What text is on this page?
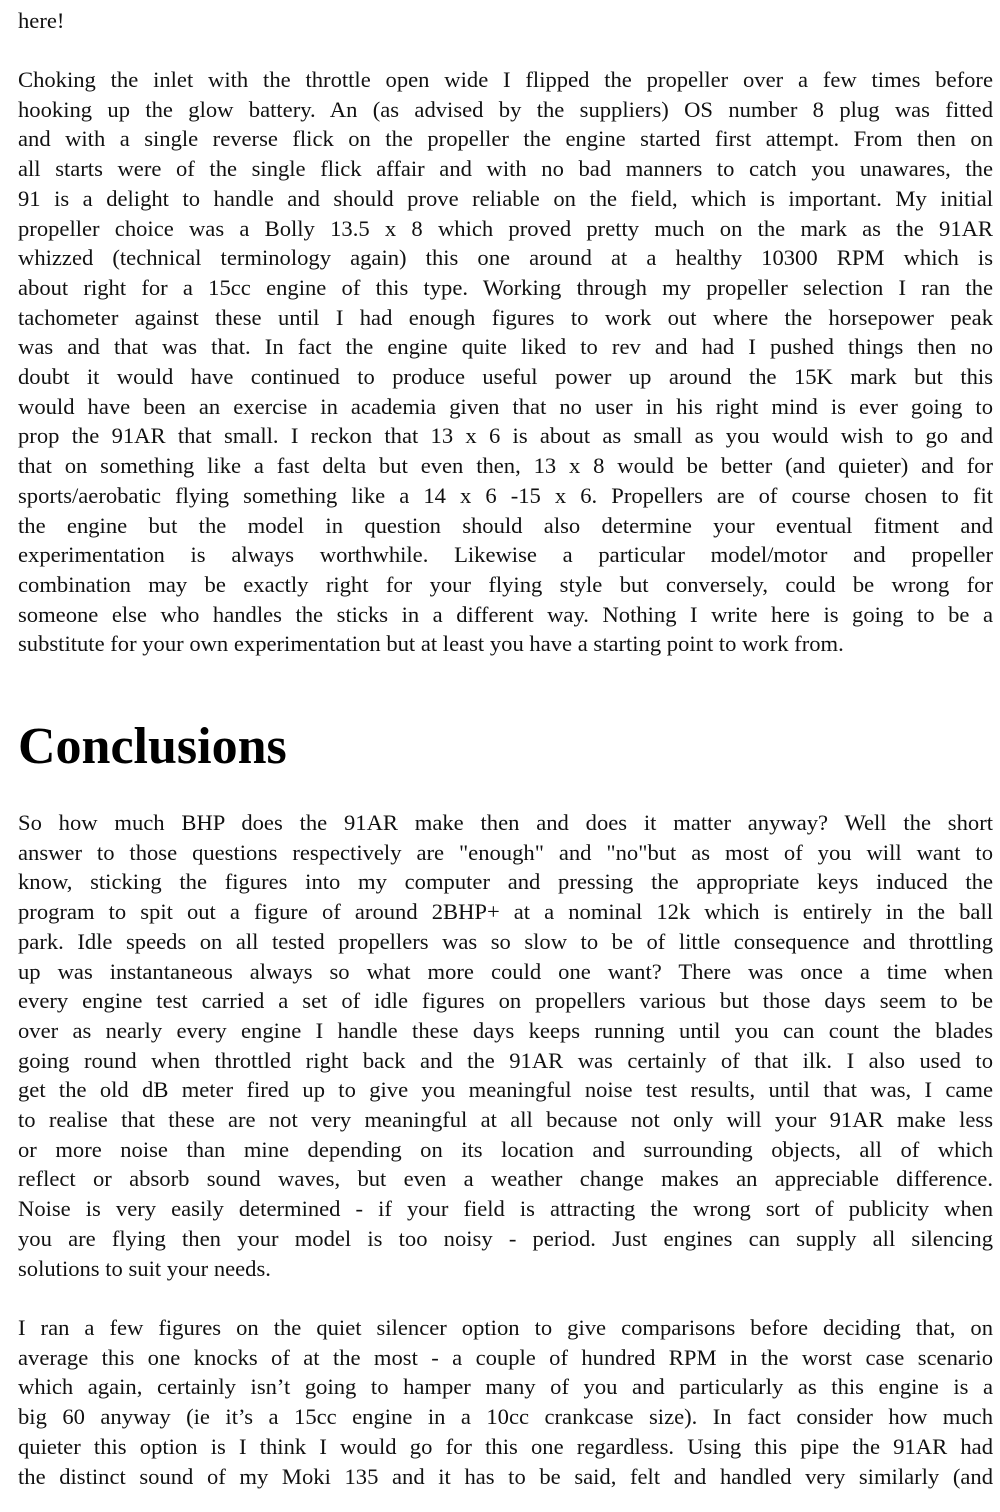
here!

Choking the inlet with the throttle open wide I flipped the propeller over a few times before
hooking up the glow battery. An (as advised by the suppliers) OS number 8 plug was fitted
and with a single reverse flick on the propeller the engine started first attempt. From then on
all starts were of the single flick affair and with no bad manners to catch you unawares, the
91 is a delight to handle and should prove reliable on the field, which is important. My initial
propeller choice was a Bolly 13.5 x 8 which proved pretty much on the mark as the 91AR
whizzed (technical terminology again) this one around at a healthy 10300 RPM which is
about right for a 15cc engine of this type. Working through my propeller selection I ran the
tachometer against these until I had enough figures to work out where the horsepower peak
was and that was that. In fact the engine quite liked to rev and had I pushed things then no
doubt it would have continued to produce useful power up around the 15K mark but this
would have been an exercise in academia given that no user in his right mind is ever going to
prop the 91AR that small. I reckon that 13 x 6 is about as small as you would wish to go and
that on something like a fast delta but even then, 13 x 8 would be better (and quieter) and for
sports/aerobatic flying something like a 14 x 6 -15 x 6. Propellers are of course chosen to fit
the engine but the model in question should also determine your eventual fitment and
experimentation is always worthwhile. Likewise a particular model/motor and propeller
combination may be exactly right for your flying style but conversely, could be wrong for
someone else who handles the sticks in a different way. Nothing I write here is going to be a
substitute for your own experimentation but at least you have a starting point to work from.

Conclusions

So how much BHP does the 91AR make then and does it matter anyway? Well the short
answer to those questions respectively are "enough" and "no"but as most of you will want to
know, sticking the figures into my computer and pressing the appropriate keys induced the
program to spit out a figure of around 2BHP+ at a nominal 12k which is entirely in the ball
park. Idle speeds on all tested propellers was so slow to be of little consequence and throttling
up was instantaneous always so what more could one want? There was once a time when
every engine test carried a set of idle figures on propellers various but those days seem to be
over as nearly every engine I handle these days keeps running until you can count the blades
going round when throttled right back and the 91AR was certainly of that ilk. I also used to
get the old dB meter fired up to give you meaningful noise test results, until that was, I came
to realise that these are not very meaningful at all because not only will your 91AR make less
or more noise than mine depending on its location and surrounding objects, all of which
reflect or absorb sound waves, but even a weather change makes an appreciable difference.
Noise is very easily determined - if your field is attracting the wrong sort of publicity when
you are flying then your model is too noisy - period. Just engines can supply all silencing
solutions to suit your needs.

I ran a few figures on the quiet silencer option to give comparisons before deciding that, on
average this one knocks of at the most - a couple of hundred RPM in the worst case scenario
which again, certainly isn’t going to hamper many of you and particularly as this engine is a
big 60 anyway (ie it’s a 15cc engine in a 10cc crankcase size). In fact consider how much
quieter this option is I think I would go for this one regardless. Using this pipe the 91AR had
the distinct sound of my Moki 135 and it has to be said, felt and handled very similarly (and
